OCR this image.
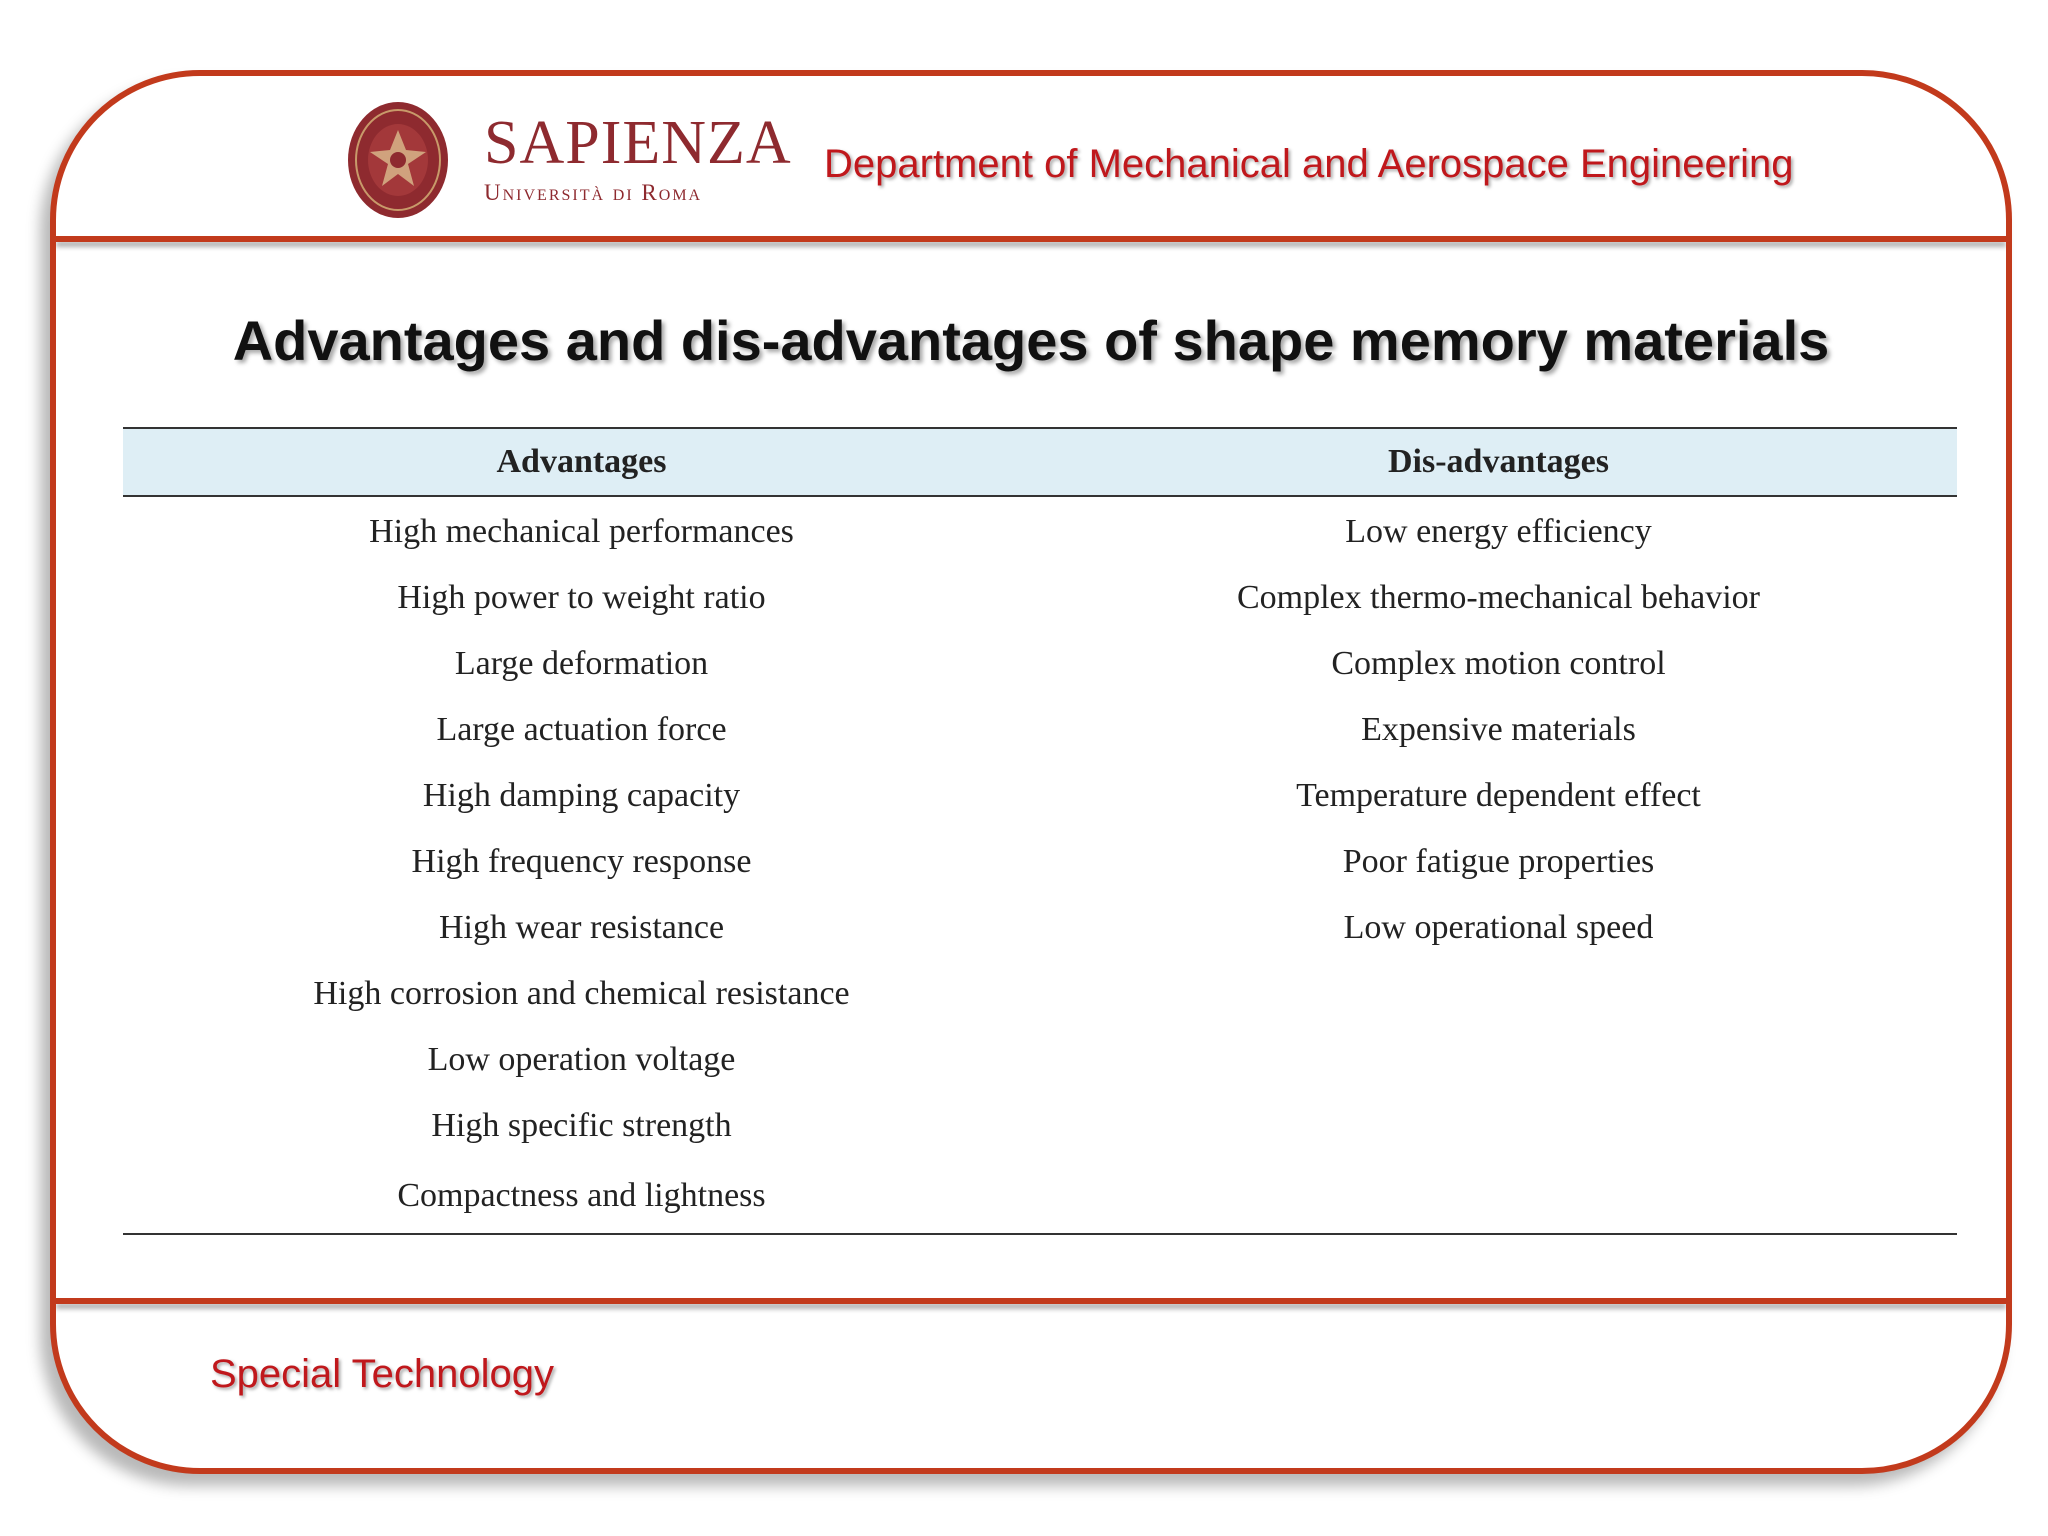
SAPIENZA
Università di Roma
Department of Mechanical and Aerospace Engineering
Advantages and dis-advantages of shape memory materials
Advantages	Dis-advantages
High mechanical performances	Low energy efficiency
High power to weight ratio	Complex thermo-mechanical behavior
Large deformation	Complex motion control
Large actuation force	Expensive materials
High damping capacity	Temperature dependent effect
High frequency response	Poor fatigue properties
High wear resistance	Low operational speed
High corrosion and chemical resistance	
Low operation voltage	
High specific strength	
Compactness and lightness	
Special Technology
